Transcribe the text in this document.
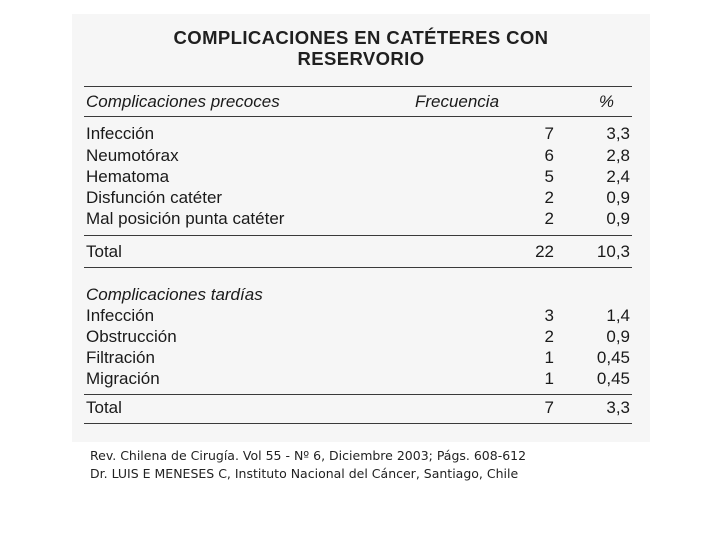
COMPLICACIONES EN CATÉTERES CON
RESERVORIO
Complicaciones precoces	Frecuencia	%
Infección	7	3,3
Neumotórax	6	2,8
Hematoma	5	2,4
Disfunción catéter	2	0,9
Mal posición punta catéter	2	0,9
Total	22	10,3
Complicaciones tardías
Infección	3	1,4
Obstrucción	2	0,9
Filtración	1	0,45
Migración	1	0,45
Total	7	3,3
Rev. Chilena de Cirugía. Vol 55 - Nº 6, Diciembre 2003; Págs. 608-612
Dr. LUIS E MENESES C, Instituto Nacional del Cáncer, Santiago, Chile
